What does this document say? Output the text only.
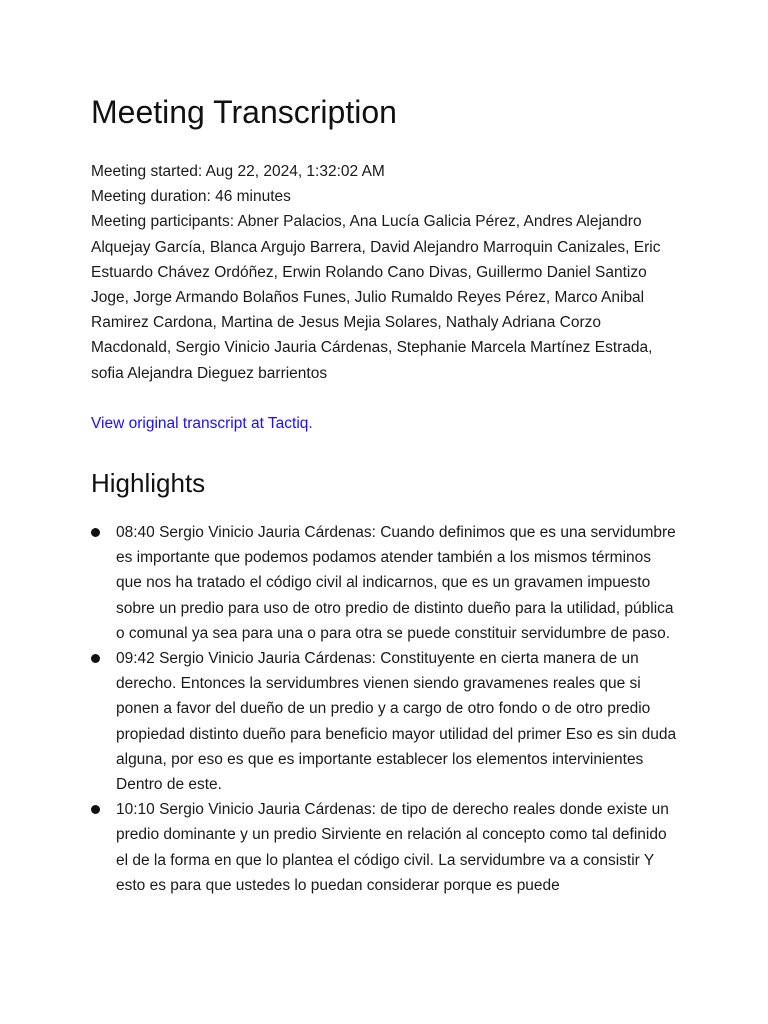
Meeting Transcription

Meeting started: Aug 22, 2024, 1:32:02 AM

Meeting duration: 46 minutes

Meeting participants: Abner Palacios, Ana Lucía Galicia Pérez, Andres Alejandro Alquejay García, Blanca Argujo Barrera, David Alejandro Marroquin Canizales, Eric Estuardo Chávez Ordóñez, Erwin Rolando Cano Divas, Guillermo Daniel Santizo Joge, Jorge Armando Bolaños Funes, Julio Rumaldo Reyes Pérez, Marco Anibal Ramirez Cardona, Martina de Jesus Mejia Solares, Nathaly Adriana Corzo Macdonald, Sergio Vinicio Jauria Cárdenas, Stephanie Marcela Martínez Estrada, sofia Alejandra Dieguez barrientos

View original transcript at Tactiq.
Highlights
08:40 Sergio Vinicio Jauria Cárdenas: Cuando definimos que es una servidumbre es importante que podemos podamos atender también a los mismos términos que nos ha tratado el código civil al indicarnos, que es un gravamen impuesto sobre un predio para uso de otro predio de distinto dueño para la utilidad, pública o comunal ya sea para una o para otra se puede constituir servidumbre de paso.
09:42 Sergio Vinicio Jauria Cárdenas: Constituyente en cierta manera de un derecho. Entonces la servidumbres vienen siendo gravamenes reales que si ponen a favor del dueño de un predio y a cargo de otro fondo o de otro predio propiedad distinto dueño para beneficio mayor utilidad del primer Eso es sin duda alguna, por eso es que es importante establecer los elementos intervinientes Dentro de este.
10:10 Sergio Vinicio Jauria Cárdenas: de tipo de derecho reales donde existe un predio dominante y un predio Sirviente en relación al concepto como tal definido el de la forma en que lo plantea el código civil. La servidumbre va a consistir Y esto es para que ustedes lo puedan considerar porque es puede
